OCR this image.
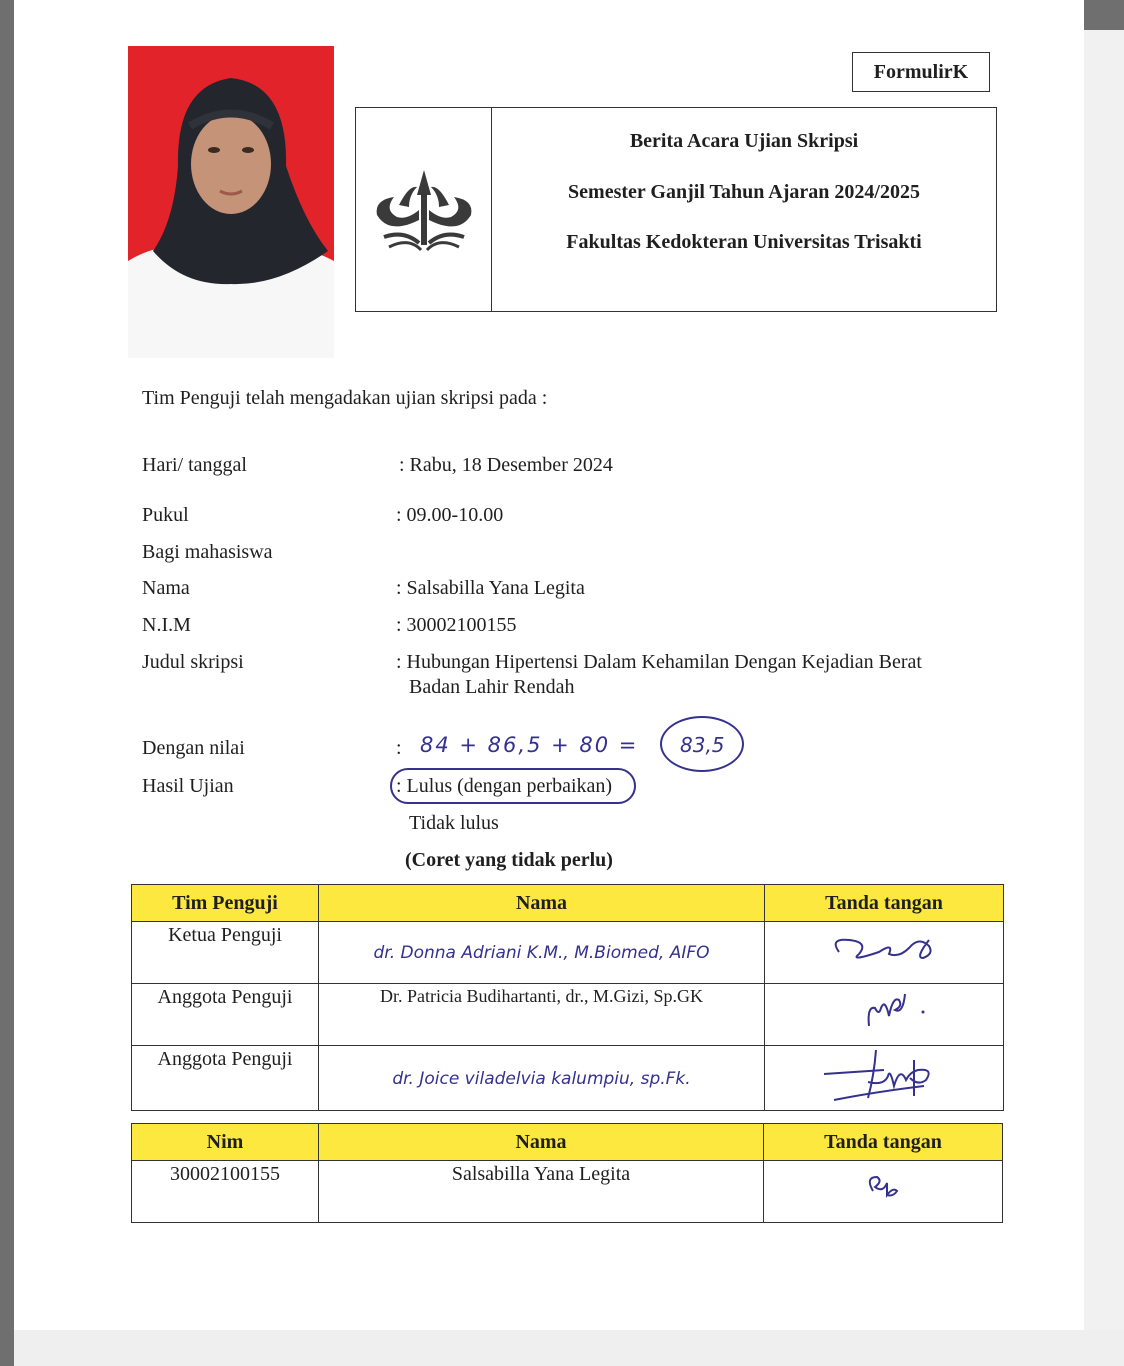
FormulirK
Berita Acara Ujian Skripsi
Semester Ganjil Tahun Ajaran 2024/2025
Fakultas Kedokteran Universitas Trisakti
Tim Penguji telah mengadakan ujian skripsi pada :
Hari/ tanggal	: Rabu, 18 Desember 2024
Pukul	: 09.00-10.00
Bagi mahasiswa
Nama	: Salsabilla Yana Legita
N.I.M	: 30002100155
Judul skripsi	: Hubungan Hipertensi Dalam Kehamilan Dengan Kejadian Berat
Badan Lahir Rendah
Dengan nilai	: 84 + 86,5 + 80 = 83,5
Hasil Ujian	: Lulus (dengan perbaikan)
Tidak lulus
(Coret yang tidak perlu)
Tim Penguji	Nama	Tanda tangan
Ketua Penguji	dr. Donna Adriani K.M., M.Biomed, AIFO	
Anggota Penguji	Dr. Patricia Budihartanti, dr., M.Gizi, Sp.GK	
Anggota Penguji	dr. Joice viladelvia kalumpiu, sp.Fk.	
Nim	Nama	Tanda tangan
30002100155	Salsabilla Yana Legita	
